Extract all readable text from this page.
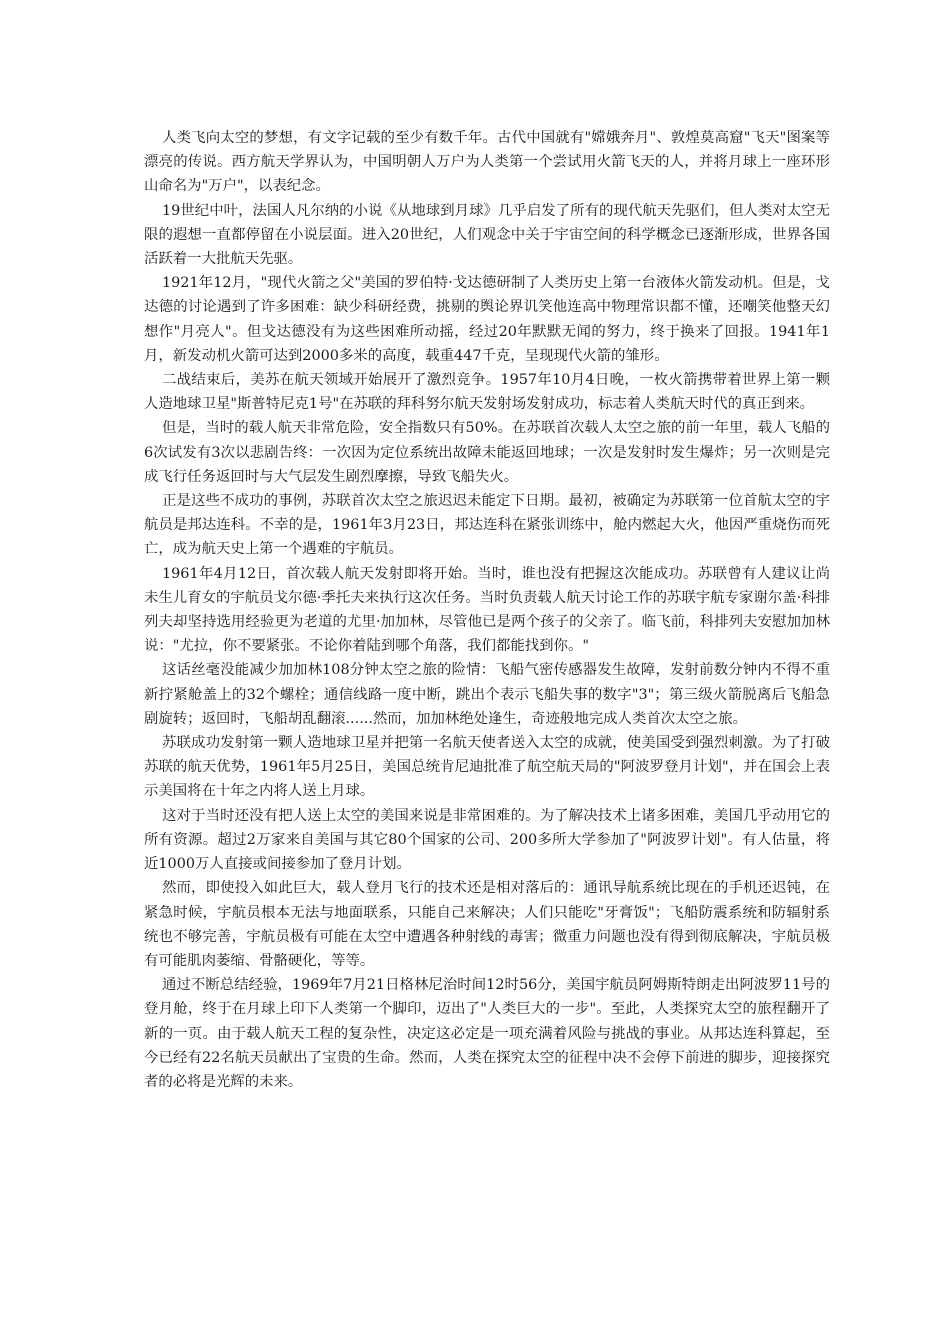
人类飞向太空的梦想，有文字记载的至少有数千年。古代中国就有"嫦娥奔月"、敦煌莫高窟"飞天"图案等漂亮的传说。西方航天学界认为，中国明朝人万户为人类第一个尝试用火箭飞天的人，并将月球上一座环形山命名为"万户"，以表纪念。

19世纪中叶，法国人凡尔纳的小说《从地球到月球》几乎启发了所有的现代航天先驱们，但人类对太空无限的遐想一直都停留在小说层面。进入20世纪，人们观念中关于宇宙空间的科学概念已逐渐形成，世界各国活跃着一大批航天先驱。

1921年12月，"现代火箭之父"美国的罗伯特·戈达德研制了人类历史上第一台液体火箭发动机。但是，戈达德的讨论遇到了许多困难：缺少科研经费，挑剔的舆论界讥笑他连高中物理常识都不懂，还嘲笑他整天幻想作"月亮人"。但戈达德没有为这些困难所动摇，经过20年默默无闻的努力，终于换来了回报。1941年1月，新发动机火箭可达到2000多米的高度，载重447千克，呈现现代火箭的雏形。

二战结束后，美苏在航天领域开始展开了激烈竞争。1957年10月4日晚，一枚火箭携带着世界上第一颗人造地球卫星"斯普特尼克1号"在苏联的拜科努尔航天发射场发射成功，标志着人类航天时代的真正到来。

但是，当时的载人航天非常危险，安全指数只有50%。在苏联首次载人太空之旅的前一年里，载人飞船的6次试发有3次以悲剧告终：一次因为定位系统出故障未能返回地球；一次是发射时发生爆炸；另一次则是完成飞行任务返回时与大气层发生剧烈摩擦，导致飞船失火。

正是这些不成功的事例，苏联首次太空之旅迟迟未能定下日期。最初，被确定为苏联第一位首航太空的宇航员是邦达连科。不幸的是，1961年3月23日，邦达连科在紧张训练中，舱内燃起大火，他因严重烧伤而死亡，成为航天史上第一个遇难的宇航员。

1961年4月12日，首次载人航天发射即将开始。当时，谁也没有把握这次能成功。苏联曾有人建议让尚未生儿育女的宇航员戈尔德·季托夫来执行这次任务。当时负责载人航天讨论工作的苏联宇航专家谢尔盖·科排列夫却坚持选用经验更为老道的尤里·加加林，尽管他已是两个孩子的父亲了。临飞前，科排列夫安慰加加林说："尤拉，你不要紧张。不论你着陆到哪个角落，我们都能找到你。"

这话丝毫没能减少加加林108分钟太空之旅的险情：飞船气密传感器发生故障，发射前数分钟内不得不重新拧紧舱盖上的32个螺栓；通信线路一度中断，跳出个表示飞船失事的数字"3"；第三级火箭脱离后飞船急剧旋转；返回时，飞船胡乱翻滚......然而，加加林绝处逢生，奇迹般地完成人类首次太空之旅。

苏联成功发射第一颗人造地球卫星并把第一名航天使者送入太空的成就，使美国受到强烈刺激。为了打破苏联的航天优势，1961年5月25日，美国总统肯尼迪批准了航空航天局的"阿波罗登月计划"，并在国会上表示美国将在十年之内将人送上月球。

这对于当时还没有把人送上太空的美国来说是非常困难的。为了解决技术上诸多困难，美国几乎动用它的所有资源。超过2万家来自美国与其它80个国家的公司、200多所大学参加了"阿波罗计划"。有人估量，将近1000万人直接或间接参加了登月计划。

然而，即使投入如此巨大，载人登月飞行的技术还是相对落后的：通讯导航系统比现在的手机还迟钝，在紧急时候，宇航员根本无法与地面联系，只能自己来解决；人们只能吃"牙膏饭"；飞船防震系统和防辐射系统也不够完善，宇航员极有可能在太空中遭遇各种射线的毒害；微重力问题也没有得到彻底解决，宇航员极有可能肌肉萎缩、骨骼硬化，等等。

通过不断总结经验，1969年7月21日格林尼治时间12时56分，美国宇航员阿姆斯特朗走出阿波罗11号的登月舱，终于在月球上印下人类第一个脚印，迈出了"人类巨大的一步"。至此，人类探究太空的旅程翻开了新的一页。由于载人航天工程的复杂性，决定这必定是一项充满着风险与挑战的事业。从邦达连科算起，至今已经有22名航天员献出了宝贵的生命。然而，人类在探究太空的征程中决不会停下前进的脚步，迎接探究者的必将是光辉的未来。
